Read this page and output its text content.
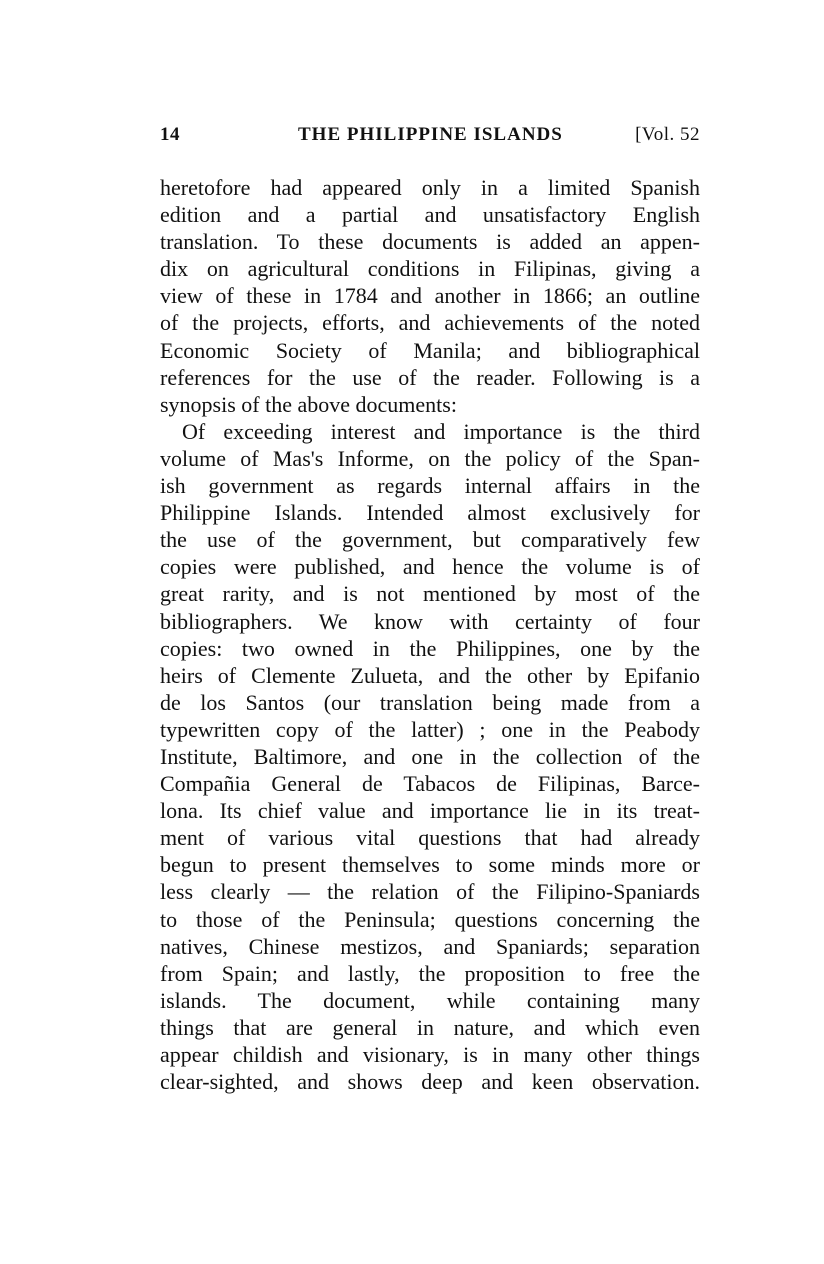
14	THE PHILIPPINE ISLANDS	[Vol. 52
heretofore had appeared only in a limited Spanish
edition and a partial and unsatisfactory English
translation. To these documents is added an appen-
dix on agricultural conditions in Filipinas, giving a
view of these in 1784 and another in 1866; an outline
of the projects, efforts, and achievements of the noted
Economic Society of Manila; and bibliographical
references for the use of the reader. Following is a
synopsis of the above documents:
Of exceeding interest and importance is the third
volume of Mas's Informe, on the policy of the Span-
ish government as regards internal affairs in the
Philippine Islands. Intended almost exclusively for
the use of the government, but comparatively few
copies were published, and hence the volume is of
great rarity, and is not mentioned by most of the
bibliographers. We know with certainty of four
copies: two owned in the Philippines, one by the
heirs of Clemente Zulueta, and the other by Epifanio
de los Santos (our translation being made from a
typewritten copy of the latter) ; one in the Peabody
Institute, Baltimore, and one in the collection of the
Compañia General de Tabacos de Filipinas, Barce-
lona. Its chief value and importance lie in its treat-
ment of various vital questions that had already
begun to present themselves to some minds more or
less clearly — the relation of the Filipino-Spaniards
to those of the Peninsula; questions concerning the
natives, Chinese mestizos, and Spaniards; separation
from Spain; and lastly, the proposition to free the
islands. The document, while containing many
things that are general in nature, and which even
appear childish and visionary, is in many other things
clear-sighted, and shows deep and keen observation.
